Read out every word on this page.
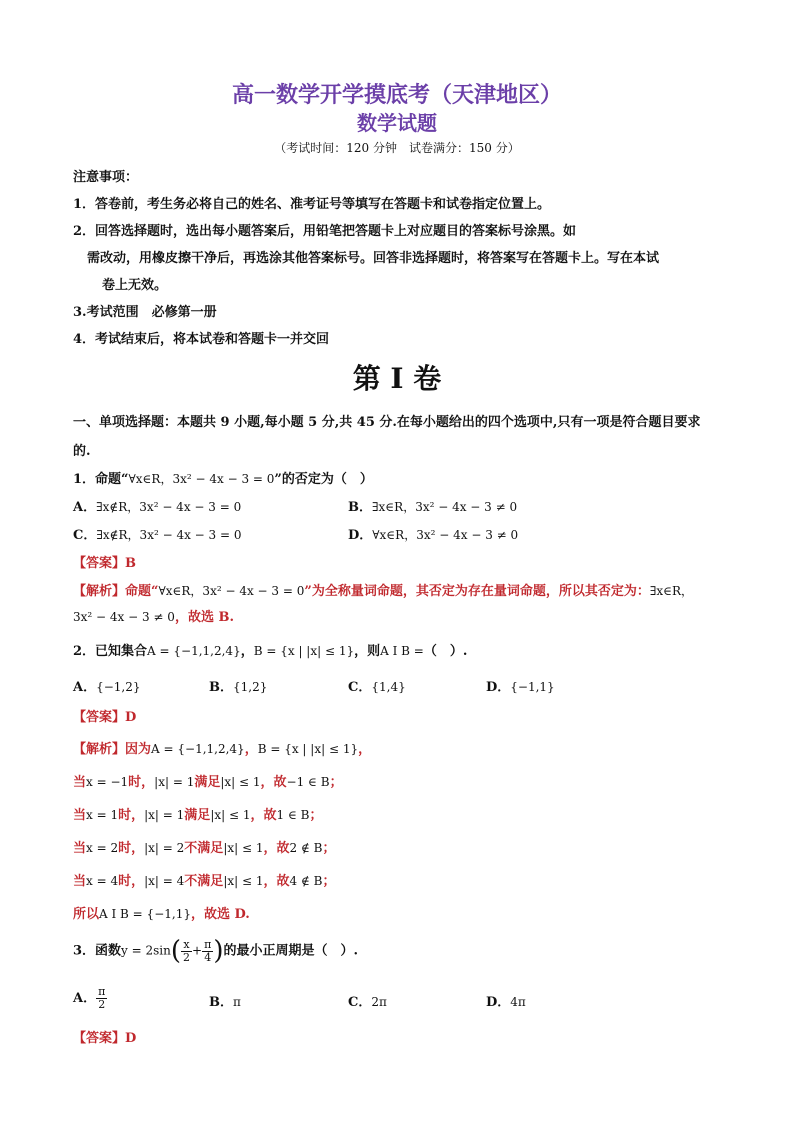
高一数学开学摸底考（天津地区）
数学试题
（考试时间：120 分钟　试卷满分：150 分）
注意事项：
1．答卷前，考生务必将自己的姓名、准考证号等填写在答题卡和试卷指定位置上。
2．回答选择题时，选出每小题答案后，用铅笔把答题卡上对应题目的答案标号涂黑。如
需改动，用橡皮擦干净后，再选涂其他答案标号。回答非选择题时，将答案写在答题卡上。写在本试
卷上无效。
3.考试范围　必修第一册
4．考试结束后，将本试卷和答题卡一并交回
第 I 卷
一、单项选择题：本题共 9 小题,每小题 5 分,共 45 分.在每小题给出的四个选项中,只有一项是符合题目要求
的.
1．命题“∀x∈R，3x² − 4x − 3 = 0”的否定为（　）
A．∃x∉R，3x² − 4x − 3 = 0	B．∃x∈R，3x² − 4x − 3 ≠ 0
C．∃x∉R，3x² − 4x − 3 = 0	D．∀x∈R，3x² − 4x − 3 ≠ 0
【答案】B
【解析】命题“∀x∈R，3x² − 4x − 3 = 0”为全称量词命题，其否定为存在量词命题，所以其否定为：∃x∈R，
3x² − 4x − 3 ≠ 0，故选 B.
2．已知集合A = {−1,1,2,4}，B = {x | |x| ≤ 1}，则A I B =（　）.
A．{−1,2}	B．{1,2}	C．{1,4}	D．{−1,1}
【答案】D
【解析】因为A = {−1,1,2,4}，B = {x | |x| ≤ 1}，
当x = −1时，|x| = 1满足|x| ≤ 1，故−1 ∈ B；
当x = 1时，|x| = 1满足|x| ≤ 1，故1 ∈ B；
当x = 2时，|x| = 2不满足|x| ≤ 1，故2 ∉ B；
当x = 4时，|x| = 4不满足|x| ≤ 1，故4 ∉ B；
所以A I B = {−1,1}，故选 D.
3．函数$y = 2\sin( \frac{x}{2} + \frac{\pi}{4}$ )的最小正周期是（　）.
A． $\frac{\pi}{2}$	B．π	C．2π	D．4π
【答案】D
